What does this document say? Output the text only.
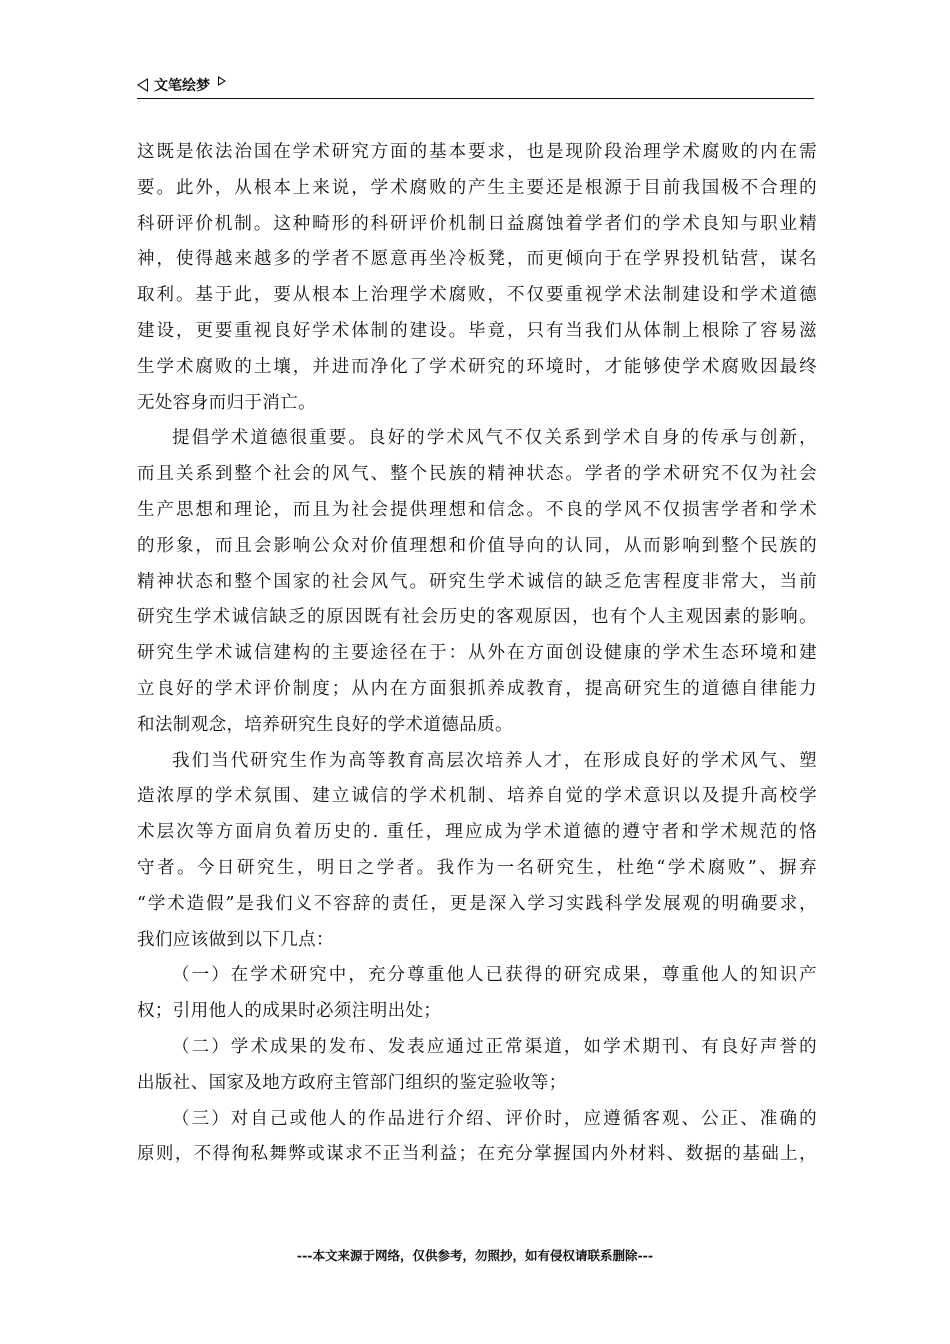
文笔绘梦
这既是依法治国在学术研究方面的基本要求，也是现阶段治理学术腐败的内在需
要。此外，从根本上来说，学术腐败的产生主要还是根源于目前我国极不合理的
科研评价机制。这种畸形的科研评价机制日益腐蚀着学者们的学术良知与职业精
神，使得越来越多的学者不愿意再坐冷板凳，而更倾向于在学界投机钻营，谋名
取利。基于此，要从根本上治理学术腐败，不仅要重视学术法制建设和学术道德
建设，更要重视良好学术体制的建设。毕竟，只有当我们从体制上根除了容易滋
生学术腐败的土壤，并进而净化了学术研究的环境时，才能够使学术腐败因最终
无处容身而归于消亡。
提倡学术道德很重要。良好的学术风气不仅关系到学术自身的传承与创新，
而且关系到整个社会的风气、整个民族的精神状态。学者的学术研究不仅为社会
生产思想和理论，而且为社会提供理想和信念。不良的学风不仅损害学者和学术
的形象，而且会影响公众对价值理想和价值导向的认同，从而影响到整个民族的
精神状态和整个国家的社会风气。研究生学术诚信的缺乏危害程度非常大，当前
研究生学术诚信缺乏的原因既有社会历史的客观原因，也有个人主观因素的影响。
研究生学术诚信建构的主要途径在于：从外在方面创设健康的学术生态环境和建
立良好的学术评价制度；从内在方面狠抓养成教育，提高研究生的道德自律能力
和法制观念，培养研究生良好的学术道德品质。
我们当代研究生作为高等教育高层次培养人才，在形成良好的学术风气、塑
造浓厚的学术氛围、建立诚信的学术机制、培养自觉的学术意识以及提升高校学
术层次等方面肩负着历史的. 重任，理应成为学术道德的遵守者和学术规范的恪
守者。今日研究生，明日之学者。我作为一名研究生，杜绝“学术腐败”、摒弃
“学术造假”是我们义不容辞的责任，更是深入学习实践科学发展观的明确要求，
我们应该做到以下几点：
（一）在学术研究中，充分尊重他人已获得的研究成果，尊重他人的知识产
权；引用他人的成果时必须注明出处；
（二）学术成果的发布、发表应通过正常渠道，如学术期刊、有良好声誉的
出版社、国家及地方政府主管部门组织的鉴定验收等；
（三）对自己或他人的作品进行介绍、评价时，应遵循客观、公正、准确的
原则，不得徇私舞弊或谋求不正当利益；在充分掌握国内外材料、数据的基础上，
---本文来源于网络，仅供参考，勿照抄，如有侵权请联系删除---
